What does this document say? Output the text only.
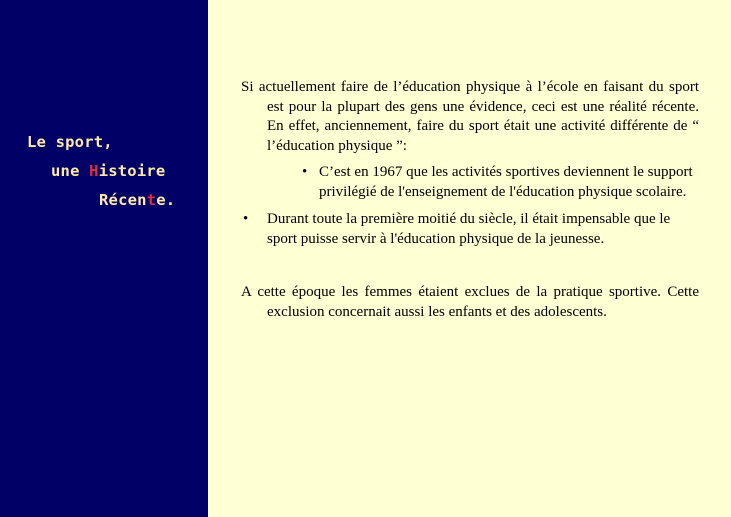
Le sport,
une Histoire
Récente.

Si actuellement faire de l’éducation physique à l’école en faisant du sport est pour la plupart des gens une évidence, ceci est une réalité récente. En effet, anciennement, faire du sport était une activité différente de “ l’éducation physique ”:

• C’est en 1967 que les activités sportives deviennent le support privilégié de l'enseignement de l'éducation physique scolaire.
• Durant toute la première moitié du siècle, il était impensable que le sport puisse servir à l'éducation physique de la jeunesse.

A cette époque les femmes étaient exclues de la pratique sportive. Cette exclusion concernait aussi les enfants et des adolescents.
